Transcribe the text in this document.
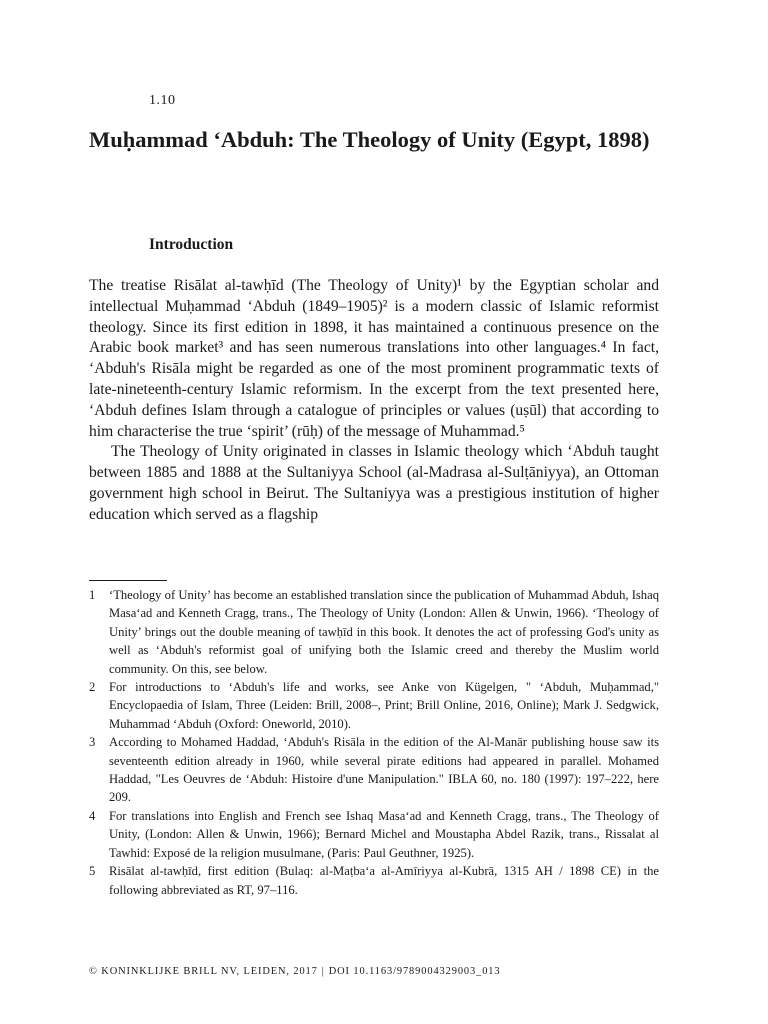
1.10
Muḥammad ‘Abduh: The Theology of Unity (Egypt, 1898)
Introduction

The treatise Risālat al-tawḥīd (The Theology of Unity)¹ by the Egyptian scholar and intellectual Muḥammad ‘Abduh (1849–1905)² is a modern classic of Islamic reformist theology. Since its first edition in 1898, it has maintained a continuous presence on the Arabic book market³ and has seen numerous translations into other languages.⁴ In fact, ‘Abduh's Risāla might be regarded as one of the most prominent programmatic texts of late-nineteenth-century Islamic reformism. In the excerpt from the text presented here, ‘Abduh defines Islam through a catalogue of principles or values (uṣūl) that according to him characterise the true ‘spirit’ (rūḥ) of the message of Muhammad.⁵

The Theology of Unity originated in classes in Islamic theology which ‘Abduh taught between 1885 and 1888 at the Sultaniyya School (al-Madrasa al-Sulṭāniyya), an Ottoman government high school in Beirut. The Sultaniyya was a prestigious institution of higher education which served as a flagship

1 ‘Theology of Unity’ has become an established translation since the publication of Muhammad Abduh, Ishaq Masa‘ad and Kenneth Cragg, trans., The Theology of Unity (London: Allen & Unwin, 1966). ‘Theology of Unity’ brings out the double meaning of tawḥīd in this book. It denotes the act of professing God's unity as well as ‘Abduh's reformist goal of unifying both the Islamic creed and thereby the Muslim world community. On this, see below.
2 For introductions to ‘Abduh's life and works, see Anke von Kügelgen, " ‘Abduh, Muḥammad," Encyclopaedia of Islam, Three (Leiden: Brill, 2008–, Print; Brill Online, 2016, Online); Mark J. Sedgwick, Muhammad ‘Abduh (Oxford: Oneworld, 2010).
3 According to Mohamed Haddad, ‘Abduh's Risāla in the edition of the Al-Manār publishing house saw its seventeenth edition already in 1960, while several pirate editions had appeared in parallel. Mohamed Haddad, "Les Oeuvres de ‘Abduh: Histoire d'une Manipulation." IBLA 60, no. 180 (1997): 197–222, here 209.
4 For translations into English and French see Ishaq Masa‘ad and Kenneth Cragg, trans., The Theology of Unity, (London: Allen & Unwin, 1966); Bernard Michel and Moustapha Abdel Razik, trans., Rissalat al Tawhid: Exposé de la religion musulmane, (Paris: Paul Geuthner, 1925).
5 Risālat al-tawḥīd, first edition (Bulaq: al-Maṭba‘a al-Amīriyya al-Kubrā, 1315 AH / 1898 CE) in the following abbreviated as RT, 97–116.
© KONINKLIJKE BRILL NV, LEIDEN, 2017 | DOI 10.1163/9789004329003_013
